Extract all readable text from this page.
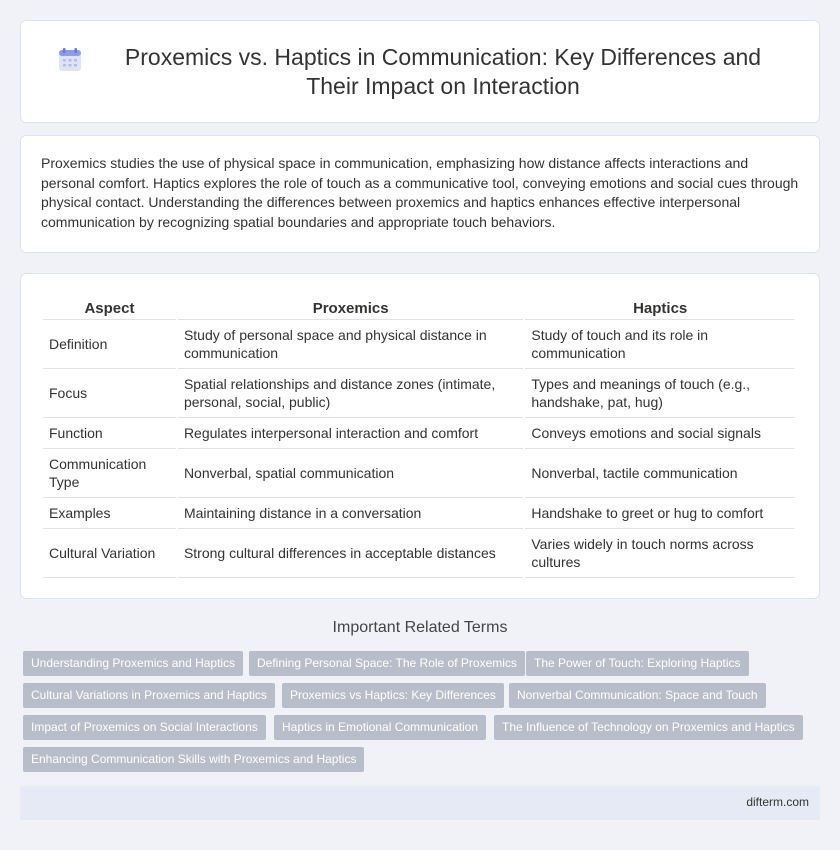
Proxemics vs. Haptics in Communication: Key Differences and Their Impact on Interaction

Proxemics studies the use of physical space in communication, emphasizing how distance affects interactions and personal comfort. Haptics explores the role of touch as a communicative tool, conveying emotions and social cues through physical contact. Understanding the differences between proxemics and haptics enhances effective interpersonal communication by recognizing spatial boundaries and appropriate touch behaviors.

Aspect	Proxemics	Haptics
Definition	Study of personal space and physical distance in communication	Study of touch and its role in communication
Focus	Spatial relationships and distance zones (intimate, personal, social, public)	Types and meanings of touch (e.g., handshake, pat, hug)
Function	Regulates interpersonal interaction and comfort	Conveys emotions and social signals
Communication Type	Nonverbal, spatial communication	Nonverbal, tactile communication
Examples	Maintaining distance in a conversation	Handshake to greet or hug to comfort
Cultural Variation	Strong cultural differences in acceptable distances	Varies widely in touch norms across cultures
Important Related Terms
Understanding Proxemics and Haptics	Defining Personal Space: The Role of Proxemics	The Power of Touch: Exploring Haptics
Cultural Variations in Proxemics and Haptics	Proxemics vs Haptics: Key Differences	Nonverbal Communication: Space and Touch
Impact of Proxemics on Social Interactions	Haptics in Emotional Communication	The Influence of Technology on Proxemics and Haptics
Enhancing Communication Skills with Proxemics and Haptics
difterm.com
